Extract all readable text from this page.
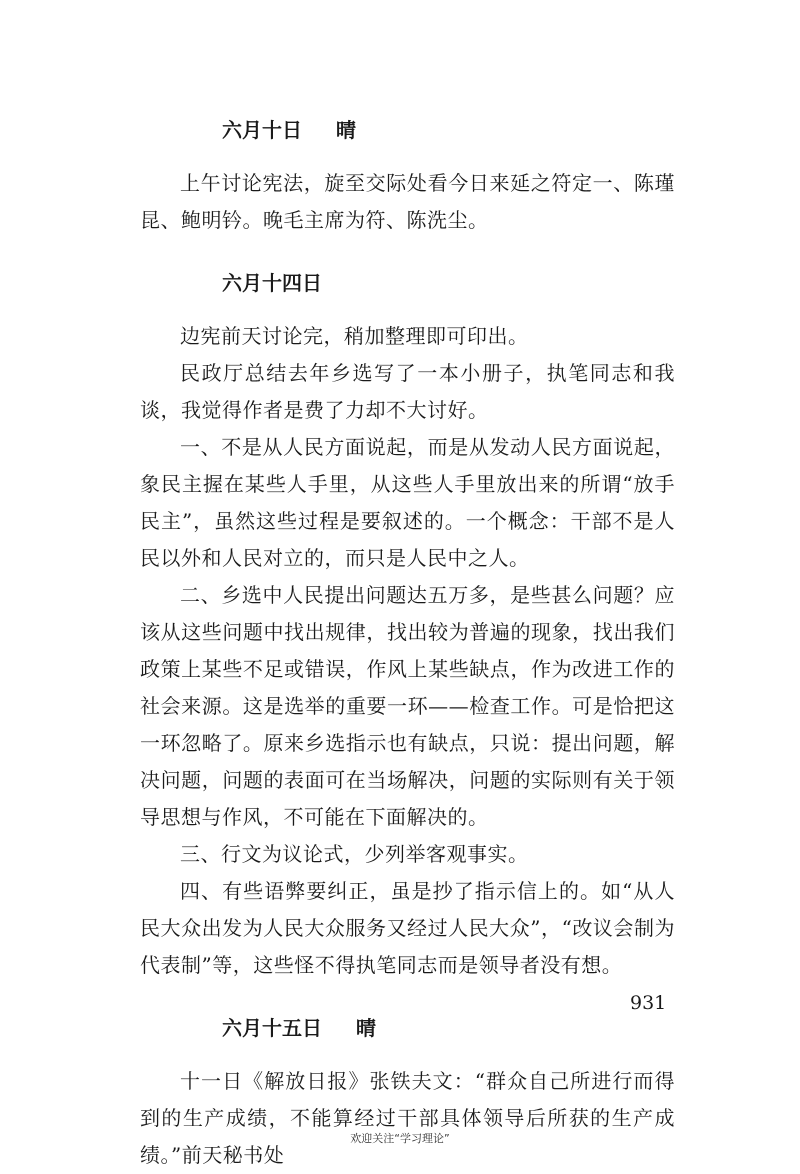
六月十日 晴

上午讨论宪法，旋至交际处看今日来延之符定一、陈瑾昆、鲍明钤。晚毛主席为符、陈洗尘。

六月十四日

边宪前天讨论完，稍加整理即可印出。

民政厅总结去年乡选写了一本小册子，执笔同志和我谈，我觉得作者是费了力却不大讨好。

一、不是从人民方面说起，而是从发动人民方面说起，象民主握在某些人手里，从这些人手里放出来的所谓“放手民主”，虽然这些过程是要叙述的。一个概念：干部不是人民以外和人民对立的，而只是人民中之人。

二、乡选中人民提出问题达五万多，是些甚么问题？应该从这些问题中找出规律，找出较为普遍的现象，找出我们政策上某些不足或错误，作风上某些缺点，作为改进工作的社会来源。这是选举的重要一环——检查工作。可是恰把这一环忽略了。原来乡选指示也有缺点，只说：提出问题，解决问题，问题的表面可在当场解决，问题的实际则有关于领导思想与作风，不可能在下面解决的。

三、行文为议论式，少列举客观事实。

四、有些语弊要纠正，虽是抄了指示信上的。如“从人民大众出发为人民大众服务又经过人民大众”，“改议会制为代表制”等，这些怪不得执笔同志而是领导者没有想。

六月十五日 晴

十一日《解放日报》张铁夫文：“群众自己所进行而得到的生产成绩，不能算经过干部具体领导后所获的生产成绩。”前天秘书处

931
欢迎关注“学习理论”
